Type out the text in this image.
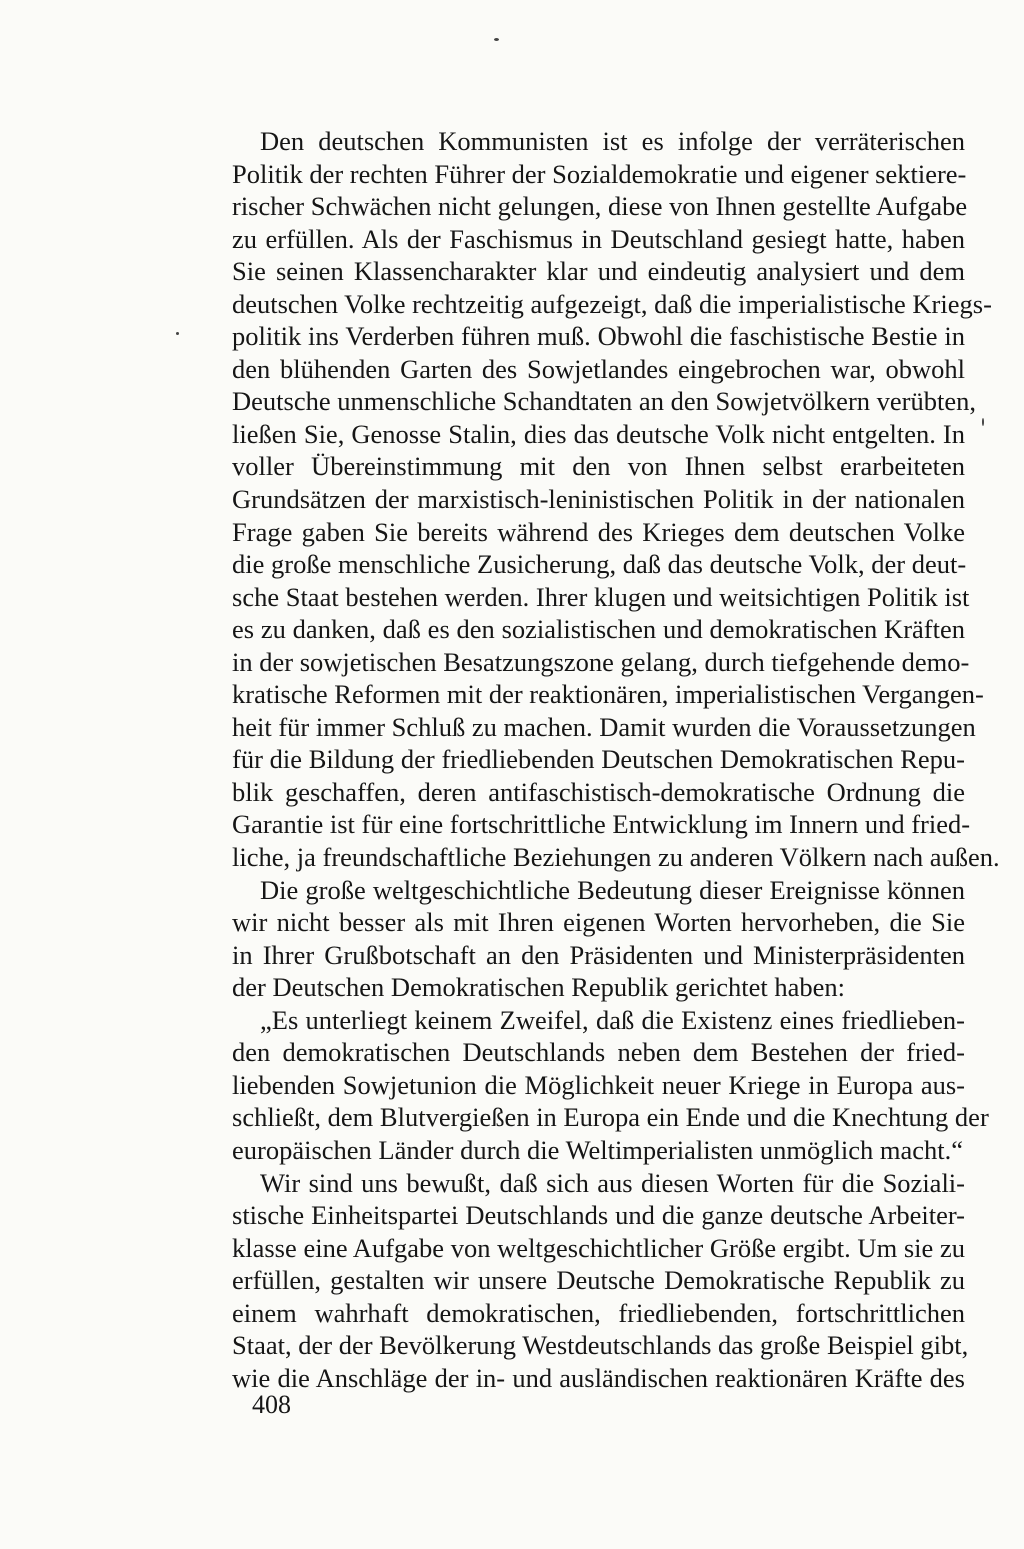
Den deutschen Kommunisten ist es infolge der verräterischen
Politik der rechten Führer der Sozialdemokratie und eigener sektiere-
rischer Schwächen nicht gelungen, diese von Ihnen gestellte Aufgabe
zu erfüllen. Als der Faschismus in Deutschland gesiegt hatte, haben
Sie seinen Klassencharakter klar und eindeutig analysiert und dem
deutschen Volke rechtzeitig aufgezeigt, daß die imperialistische Kriegs-
politik ins Verderben führen muß. Obwohl die faschistische Bestie in
den blühenden Garten des Sowjetlandes eingebrochen war, obwohl
Deutsche unmenschliche Schandtaten an den Sowjetvölkern verübten,
ließen Sie, Genosse Stalin, dies das deutsche Volk nicht entgelten. In
voller Übereinstimmung mit den von Ihnen selbst erarbeiteten
Grundsätzen der marxistisch-leninistischen Politik in der nationalen
Frage gaben Sie bereits während des Krieges dem deutschen Volke
die große menschliche Zusicherung, daß das deutsche Volk, der deut-
sche Staat bestehen werden. Ihrer klugen und weitsichtigen Politik ist
es zu danken, daß es den sozialistischen und demokratischen Kräften
in der sowjetischen Besatzungszone gelang, durch tiefgehende demo-
kratische Reformen mit der reaktionären, imperialistischen Vergangen-
heit für immer Schluß zu machen. Damit wurden die Voraussetzungen
für die Bildung der friedliebenden Deutschen Demokratischen Repu-
blik geschaffen, deren antifaschistisch-demokratische Ordnung die
Garantie ist für eine fortschrittliche Entwicklung im Innern und fried-
liche, ja freundschaftliche Beziehungen zu anderen Völkern nach außen.
Die große weltgeschichtliche Bedeutung dieser Ereignisse können
wir nicht besser als mit Ihren eigenen Worten hervorheben, die Sie
in Ihrer Grußbotschaft an den Präsidenten und Ministerpräsidenten
der Deutschen Demokratischen Republik gerichtet haben:
„Es unterliegt keinem Zweifel, daß die Existenz eines friedlieben-
den demokratischen Deutschlands neben dem Bestehen der fried-
liebenden Sowjetunion die Möglichkeit neuer Kriege in Europa aus-
schließt, dem Blutvergießen in Europa ein Ende und die Knechtung der
europäischen Länder durch die Weltimperialisten unmöglich macht.“
Wir sind uns bewußt, daß sich aus diesen Worten für die Soziali-
stische Einheitspartei Deutschlands und die ganze deutsche Arbeiter-
klasse eine Aufgabe von weltgeschichtlicher Größe ergibt. Um sie zu
erfüllen, gestalten wir unsere Deutsche Demokratische Republik zu
einem wahrhaft demokratischen, friedliebenden, fortschrittlichen
Staat, der der Bevölkerung Westdeutschlands das große Beispiel gibt,
wie die Anschläge der in- und ausländischen reaktionären Kräfte des
408
